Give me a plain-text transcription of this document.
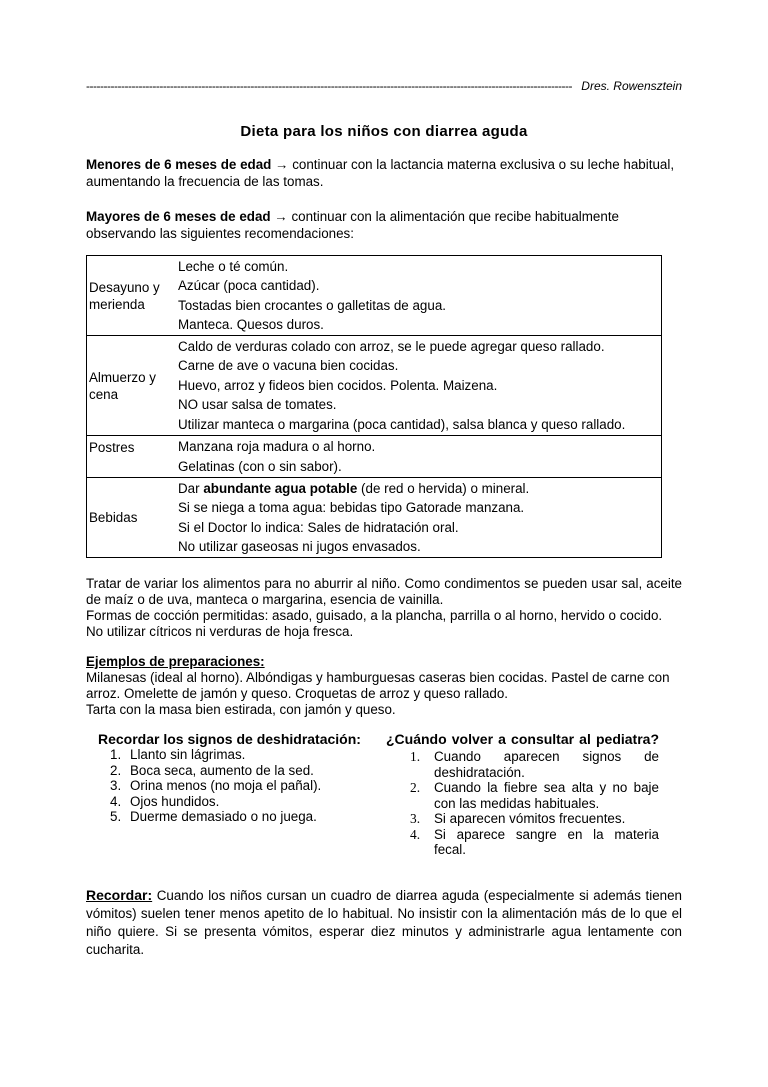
------------------------------------------------------------------------------------------------------------------------------------------- Dres. Rowensztein
Dieta para los niños con diarrea aguda
Menores de 6 meses de edad → continuar con la lactancia materna exclusiva o su leche habitual, aumentando la frecuencia de las tomas.
Mayores de 6 meses de edad → continuar con la alimentación que recibe habitualmente observando las siguientes recomendaciones:
Desayuno y merienda	Leche o té común.
Azúcar (poca cantidad).
Tostadas bien crocantes o galletitas de agua.
Manteca. Quesos duros.

Almuerzo y cena	Caldo de verduras colado con arroz, se le puede agregar queso rallado.
Carne de ave o vacuna bien cocidas.
Huevo, arroz y fideos bien cocidos. Polenta. Maizena.
NO usar salsa de tomates.
Utilizar manteca o margarina (poca cantidad), salsa blanca y queso rallado.

Postres	Manzana roja madura o al horno.
Gelatinas (con o sin sabor).

Bebidas	Dar abundante agua potable (de red o hervida) o mineral.
Si se niega a toma agua: bebidas tipo Gatorade manzana.
Si el Doctor lo indica: Sales de hidratación oral.
No utilizar gaseosas ni jugos envasados.
Tratar de variar los alimentos para no aburrir al niño. Como condimentos se pueden usar sal, aceite de maíz o de uva, manteca o margarina, esencia de vainilla.
Formas de cocción permitidas: asado, guisado, a la plancha, parrilla o al horno, hervido o cocido.
No utilizar cítricos ni verduras de hoja fresca.
Ejemplos de preparaciones:
Milanesas (ideal al horno). Albóndigas y hamburguesas caseras bien cocidas. Pastel de carne con arroz. Omelette de jamón y queso. Croquetas de arroz y queso rallado.
Tarta con la masa bien estirada, con jamón y queso.
Recordar los signos de deshidratación:
1. Llanto sin lágrimas.
2. Boca seca, aumento de la sed.
3. Orina menos (no moja el pañal).
4. Ojos hundidos.
5. Duerme demasiado o no juega.
¿Cuándo volver a consultar al pediatra?
1. Cuando aparecen signos de deshidratación.
2. Cuando la fiebre sea alta y no baje con las medidas habituales.
3. Si aparecen vómitos frecuentes.
4. Si aparece sangre en la materia fecal.
Recordar: Cuando los niños cursan un cuadro de diarrea aguda (especialmente si además tienen vómitos) suelen tener menos apetito de lo habitual. No insistir con la alimentación más de lo que el niño quiere. Si se presenta vómitos, esperar diez minutos y administrarle agua lentamente con cucharita.
